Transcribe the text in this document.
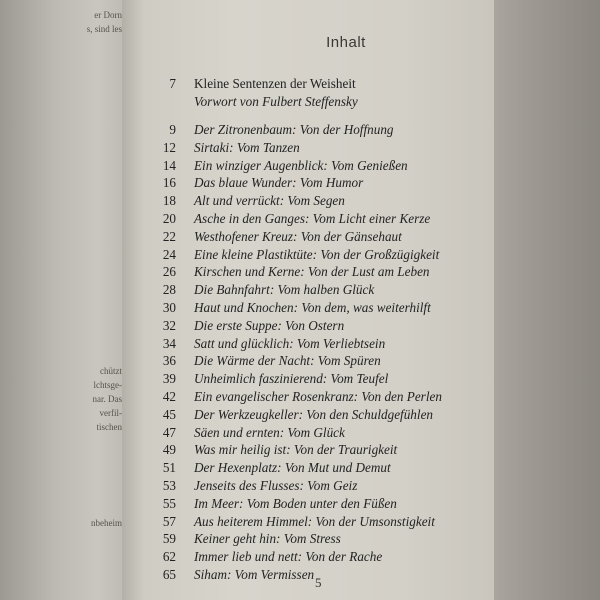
er Dorn
s, sind les
chützt
lchtsge-
nar. Das
verfil-
tischen
nbeheim
Inhalt
7 Kleine Sentenzen der Weisheit
Vorwort von Fulbert Steffensky
9 Der Zitronenbaum: Von der Hoffnung
12 Sirtaki: Vom Tanzen
14 Ein winziger Augenblick: Vom Genießen
16 Das blaue Wunder: Vom Humor
18 Alt und verrückt: Vom Segen
20 Asche in den Ganges: Vom Licht einer Kerze
22 Westhofener Kreuz: Von der Gänsehaut
24 Eine kleine Plastiktüte: Von der Großzügigkeit
26 Kirschen und Kerne: Von der Lust am Leben
28 Die Bahnfahrt: Vom halben Glück
30 Haut und Knochen: Von dem, was weiterhilft
32 Die erste Suppe: Von Ostern
34 Satt und glücklich: Vom Verliebtsein
36 Die Wärme der Nacht: Vom Spüren
39 Unheimlich faszinierend: Vom Teufel
42 Ein evangelischer Rosenkranz: Von den Perlen
45 Der Werkzeugkeller: Von den Schuldgefühlen
47 Säen und ernten: Vom Glück
49 Was mir heilig ist: Von der Traurigkeit
51 Der Hexenplatz: Von Mut und Demut
53 Jenseits des Flusses: Vom Geiz
55 Im Meer: Vom Boden unter den Füßen
57 Aus heiterem Himmel: Von der Umsonstigkeit
59 Keiner geht hin: Vom Stress
62 Immer lieb und nett: Von der Rache
65 Siham: Vom Vermissen
5
